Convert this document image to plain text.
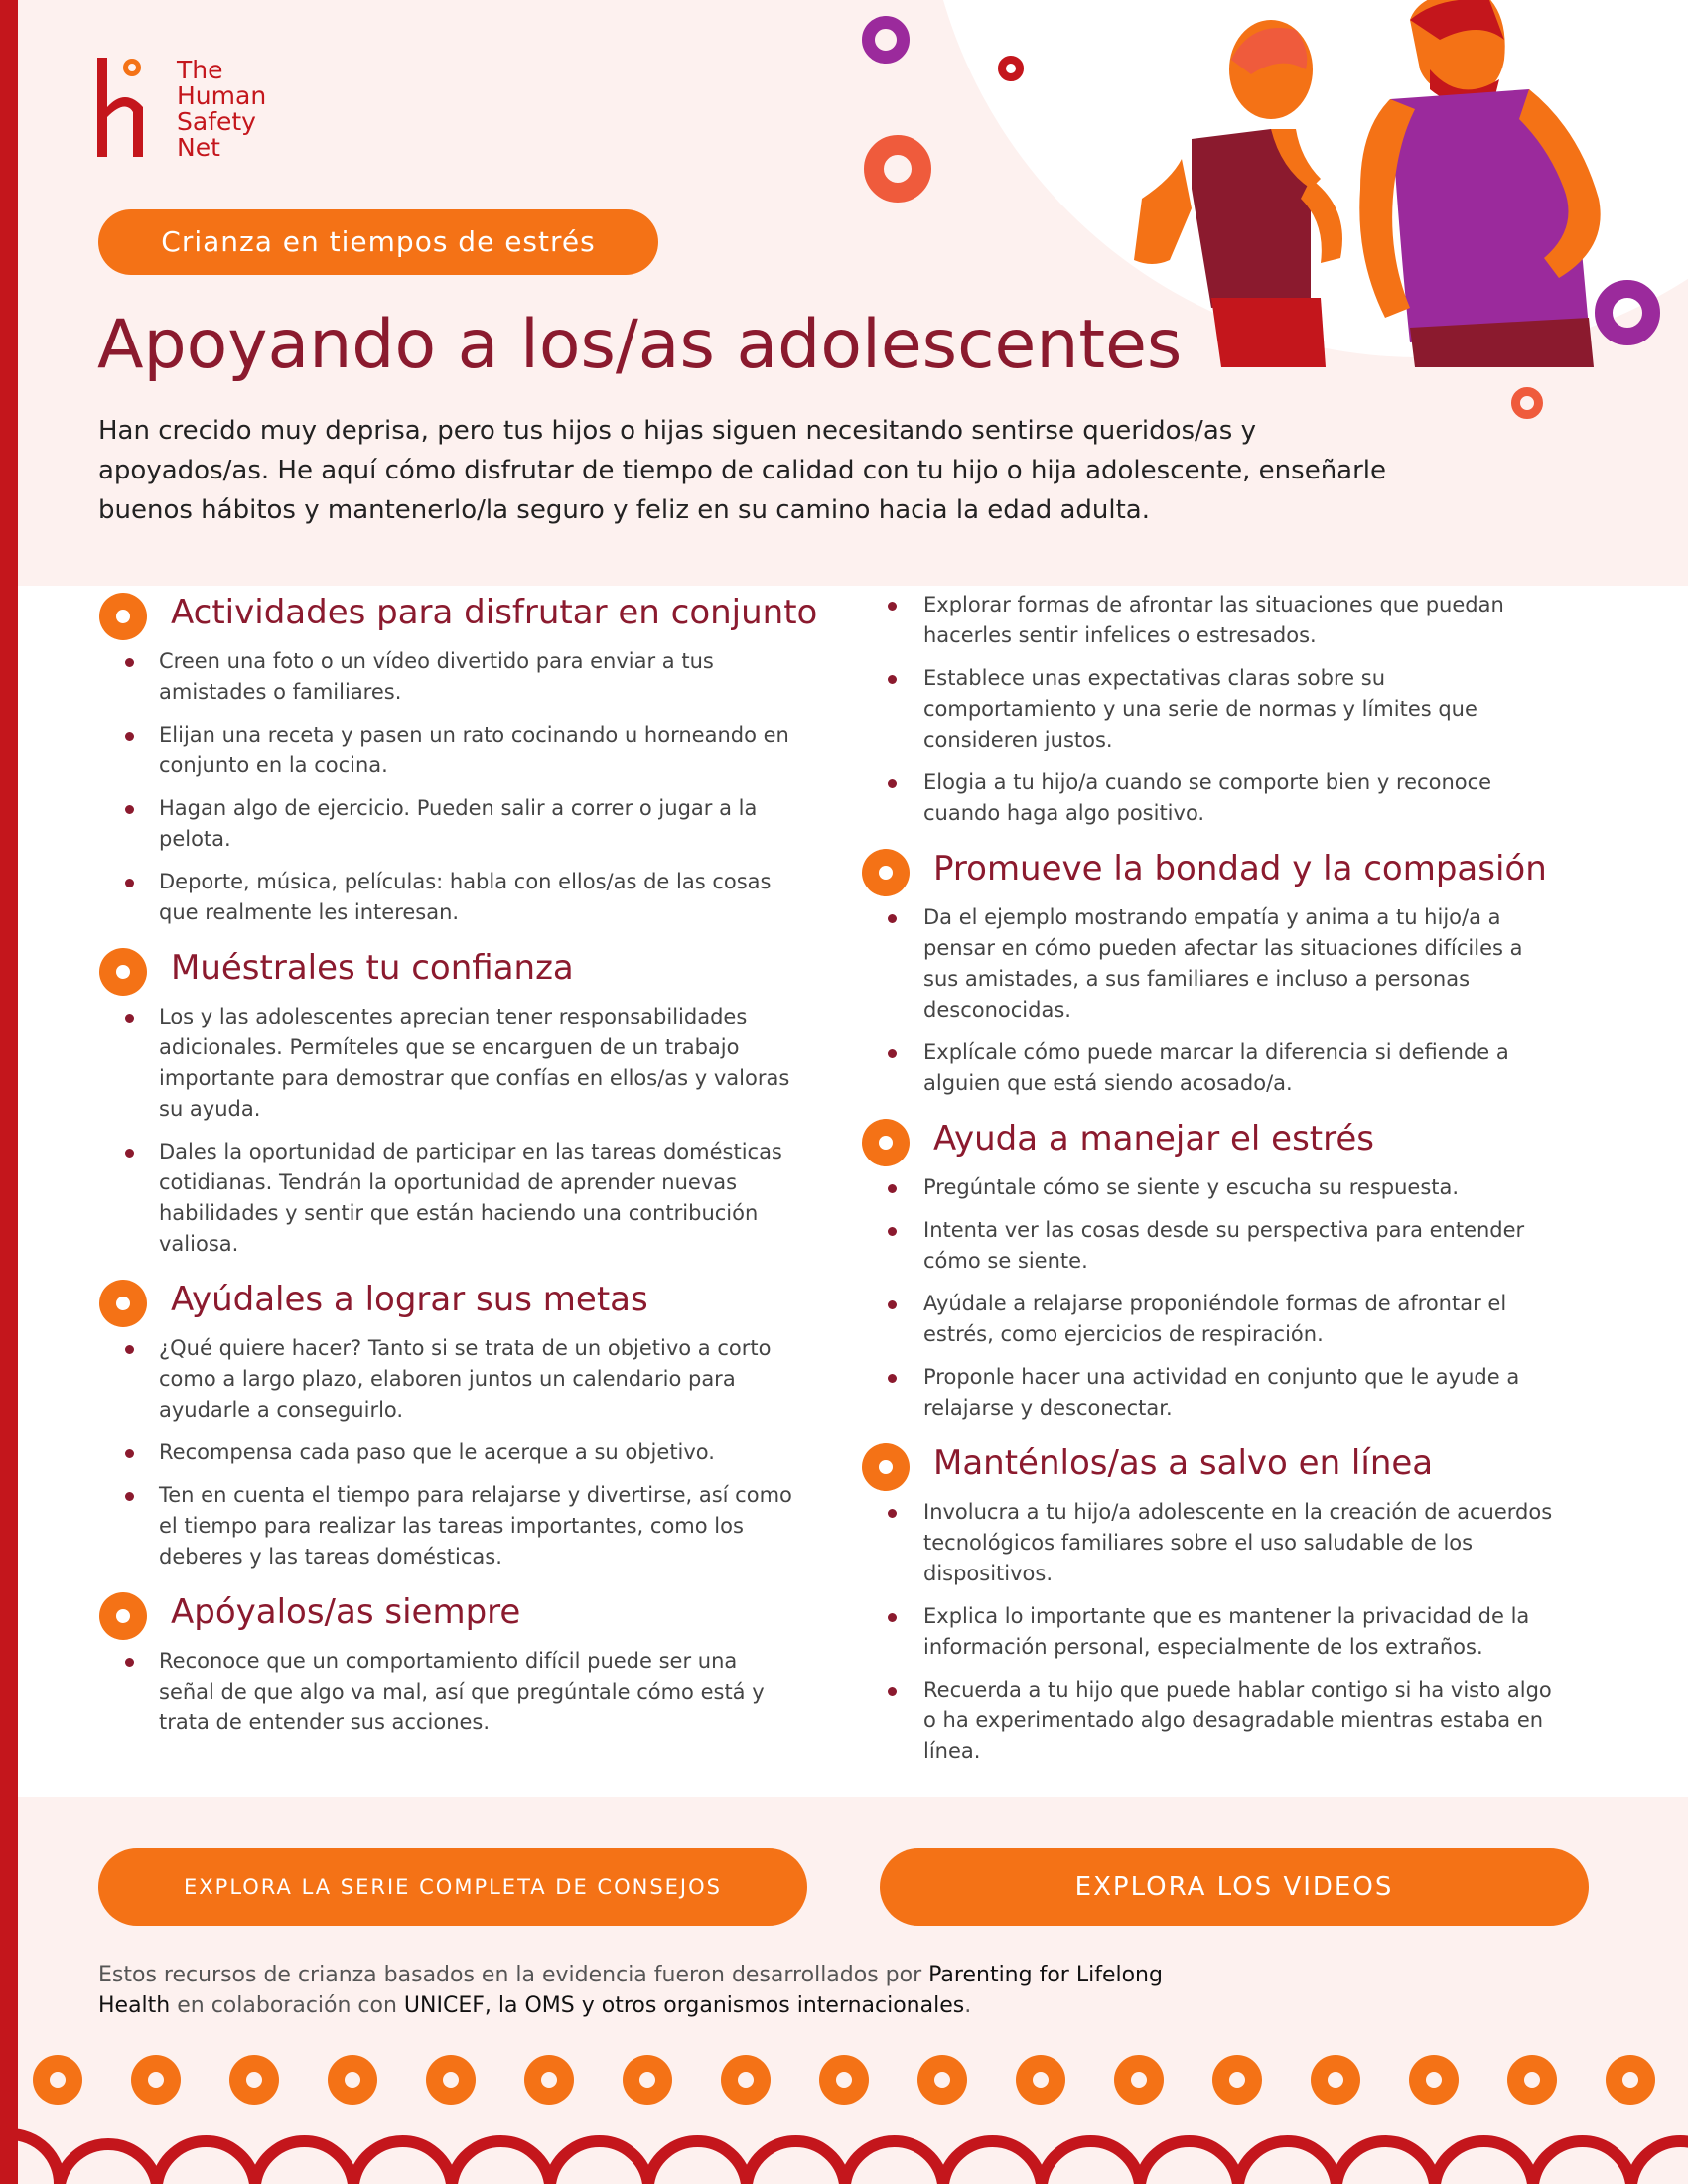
The
Human
Safety
Net
Crianza en tiempos de estrés
Apoyando a los/as adolescentes
Han crecido muy deprisa, pero tus hijos o hijas siguen necesitando sentirse queridos/as y apoyados/as. He aquí cómo disfrutar de tiempo de calidad con tu hijo o hija adolescente, enseñarle buenos hábitos y mantenerlo/la seguro y feliz en su camino hacia la edad adulta.
Actividades para disfrutar en conjunto
Creen una foto o un vídeo divertido para enviar a tus amistades o familiares.
Elijan una receta y pasen un rato cocinando u horneando en conjunto en la cocina.
Hagan algo de ejercicio. Pueden salir a correr o jugar a la pelota.
Deporte, música, películas: habla con ellos/as de las cosas que realmente les interesan.
Muéstrales tu confianza
Los y las adolescentes aprecian tener responsabilidades adicionales. Permíteles que se encarguen de un trabajo importante para demostrar que confías en ellos/as y valoras su ayuda.
Dales la oportunidad de participar en las tareas domésticas cotidianas. Tendrán la oportunidad de aprender nuevas habilidades y sentir que están haciendo una contribución valiosa.
Ayúdales a lograr sus metas
¿Qué quiere hacer? Tanto si se trata de un objetivo a corto como a largo plazo, elaboren juntos un calendario para ayudarle a conseguirlo.
Recompensa cada paso que le acerque a su objetivo.
Ten en cuenta el tiempo para relajarse y divertirse, así como el tiempo para realizar las tareas importantes, como los deberes y las tareas domésticas.
Apóyalos/as siempre
Reconoce que un comportamiento difícil puede ser una señal de que algo va mal, así que pregúntale cómo está y trata de entender sus acciones.
Explorar formas de afrontar las situaciones que puedan hacerles sentir infelices o estresados.
Establece unas expectativas claras sobre su comportamiento y una serie de normas y límites que consideren justos.
Elogia a tu hijo/a cuando se comporte bien y reconoce cuando haga algo positivo.
Promueve la bondad y la compasión
Da el ejemplo mostrando empatía y anima a tu hijo/a a pensar en cómo pueden afectar las situaciones difíciles a sus amistades, a sus familiares e incluso a personas desconocidas.
Explícale cómo puede marcar la diferencia si defiende a alguien que está siendo acosado/a.
Ayuda a manejar el estrés
Pregúntale cómo se siente y escucha su respuesta.
Intenta ver las cosas desde su perspectiva para entender cómo se siente.
Ayúdale a relajarse proponiéndole formas de afrontar el estrés, como ejercicios de respiración.
Proponle hacer una actividad en conjunto que le ayude a relajarse y desconectar.
Manténlos/as a salvo en línea
Involucra a tu hijo/a adolescente en la creación de acuerdos tecnológicos familiares sobre el uso saludable de los dispositivos.
Explica lo importante que es mantener la privacidad de la información personal, especialmente de los extraños.
Recuerda a tu hijo que puede hablar contigo si ha visto algo o ha experimentado algo desagradable mientras estaba en línea.
EXPLORA LA SERIE COMPLETA DE CONSEJOS	EXPLORA LOS VIDEOS
Estos recursos de crianza basados en la evidencia fueron desarrollados por Parenting for Lifelong Health en colaboración con UNICEF, la OMS y otros organismos internacionales.
